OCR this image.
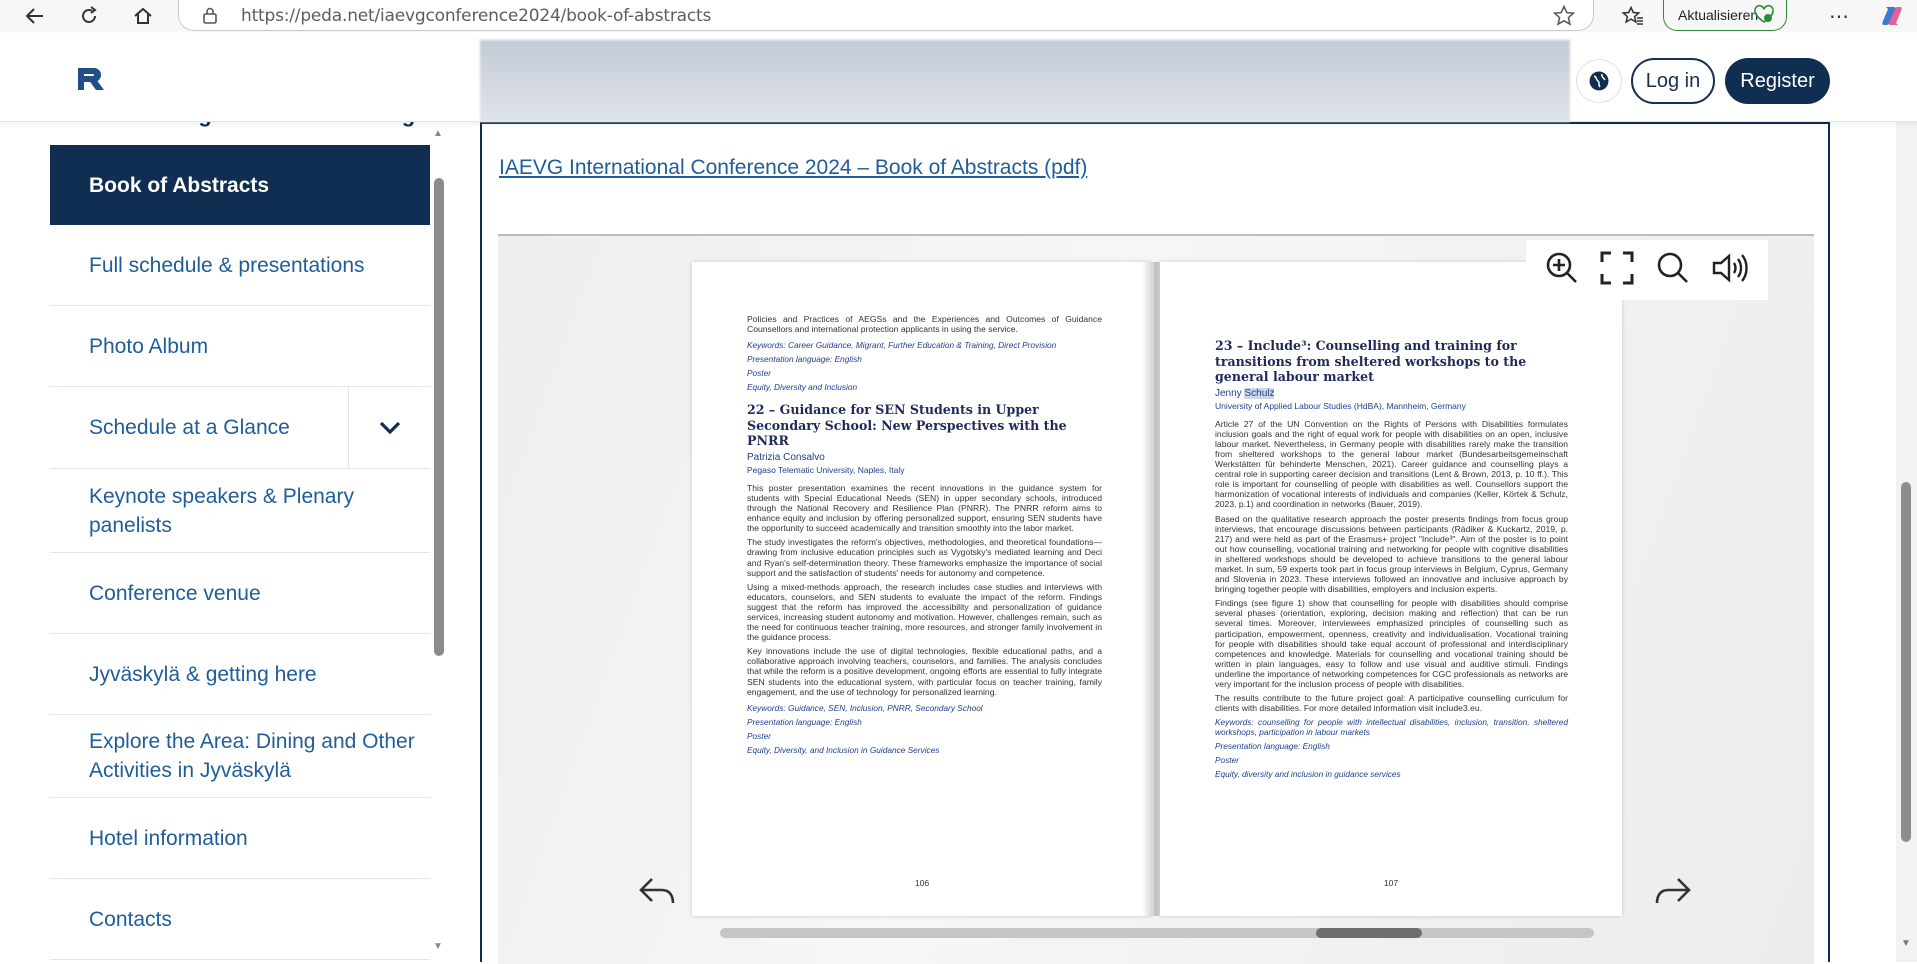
https://peda.net/iaevgconference2024/book-of-abstracts	Aktualisieren	⋯
Log in	Register
Book of Abstracts
Full schedule & presentations
Photo Album
Schedule at a Glance
Keynote speakers & Plenary panelists
Conference venue
Jyväskylä & getting here
Explore the Area: Dining and Other Activities in Jyväskylä
Hotel information
Contacts
▲
▼
IAEVG International Conference 2024 – Book of Abstracts (pdf)

Policies and Practices of AEGSs and the Experiences and Outcomes of Guidance Counsellors and international protection applicants in using the service.

Keywords: Career Guidance, Migrant, Further Education & Training, Direct Provision
Presentation language: English
Poster
Equity, Diversity and Inclusion
22 – Guidance for SEN Students in Upper Secondary School: New Perspectives with the PNRR
Patrizia Consalvo
Pegaso Telematic University, Naples, Italy

This poster presentation examines the recent innovations in the guidance system for students with Special Educational Needs (SEN) in upper secondary schools, introduced through the National Recovery and Resilience Plan (PNRR). The PNRR reform aims to enhance equity and inclusion by offering personalized support, ensuring SEN students have the opportunity to succeed academically and transition smoothly into the labor market.

The study investigates the reform's objectives, methodologies, and theoretical foundations—drawing from inclusive education principles such as Vygotsky's mediated learning and Deci and Ryan's self-determination theory. These frameworks emphasize the importance of social support and the satisfaction of students' needs for autonomy and competence.

Using a mixed-methods approach, the research includes case studies and interviews with educators, counselors, and SEN students to evaluate the impact of the reform. Findings suggest that the reform has improved the accessibility and personalization of guidance services, increasing student autonomy and motivation. However, challenges remain, such as the need for continuous teacher training, more resources, and stronger family involvement in the guidance process.

Key innovations include the use of digital technologies, flexible educational paths, and a collaborative approach involving teachers, counselors, and families. The analysis concludes that while the reform is a positive development, ongoing efforts are essential to fully integrate SEN students into the educational system, with particular focus on teacher training, family engagement, and the use of technology for personalized learning.

Keywords: Guidance, SEN, Inclusion, PNRR, Secondary School
Presentation language: English
Poster
Equity, Diversity, and Inclusion in Guidance Services
106
23 – Include³: Counselling and training for transitions from sheltered workshops to the general labour market
Jenny Schulz
University of Applied Labour Studies (HdBA), Mannheim, Germany

Article 27 of the UN Convention on the Rights of Persons with Disabilities formulates inclusion goals and the right of equal work for people with disabilities on an open, inclusive labour market. Nevertheless, in Germany people with disabilities rarely make the transition from sheltered workshops to the general labour market (Bundesarbeitsgemeinschaft Werkstätten für behinderte Menschen, 2021). Career guidance and counselling plays a central role in supporting career decision and transitions (Lent & Brown, 2013, p. 10 ff.). This role is important for counselling of people with disabilities as well. Counsellors support the harmonization of vocational interests of individuals and companies (Keller, Körtek & Schulz, 2023, p.1) and coordination in networks (Bauer, 2019).

Based on the qualitative research approach the poster presents findings from focus group interviews, that encourage discussions between participants (Rädiker & Kuckartz, 2019, p. 217) and were held as part of the Erasmus+ project "Include³". Aim of the poster is to point out how counselling, vocational training and networking for people with cognitive disabilities in sheltered workshops should be developed to achieve transitions to the general labour market. In sum, 59 experts took part in focus group interviews in Belgium, Cyprus, Germany and Slovenia in 2023. These interviews followed an innovative and inclusive approach by bringing together people with disabilities, employers and inclusion experts.

Findings (see figure 1) show that counselling for people with disabilities should comprise several phases (orientation, exploring, decision making and reflection) that can be run several times. Moreover, interviewees emphasized principles of counselling such as participation, empowerment, openness, creativity and individualisation. Vocational training for people with disabilities should take equal account of professional and interdisciplinary competences and knowledge. Materials for counselling and vocational training should be written in plain languages, easy to follow and use visual and auditive stimuli. Findings underline the importance of networking competences for CGC professionals as networks are very important for the inclusion process of people with disabilities.

The results contribute to the future project goal: A participative counselling curriculum for clients with disabilities. For more detailed information visit include3.eu.

Keywords: counselling for people with intellectual disabilities, inclusion, transition, sheltered workshops, participation in labour markets
Presentation language: English
Poster
Equity, diversity and inclusion in guidance services
107
▼
